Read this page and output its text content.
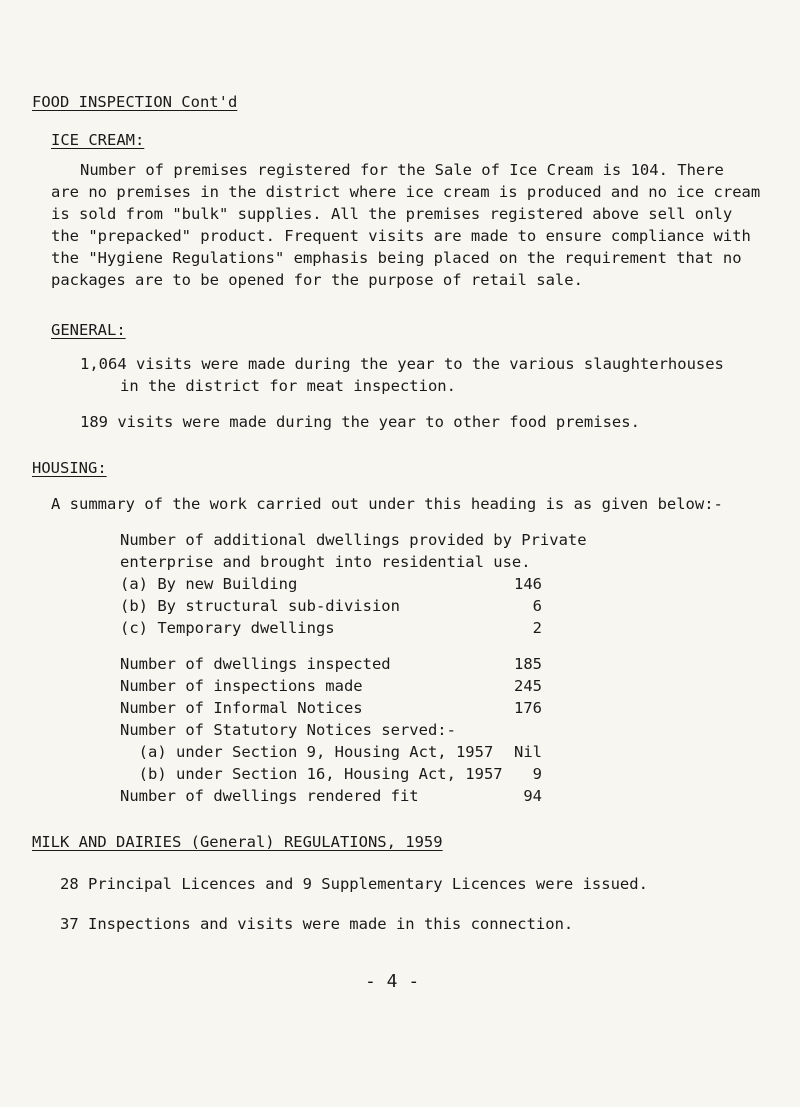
FOOD INSPECTION Cont'd
ICE CREAM:
Number of premises registered for the Sale of Ice Cream is 104. There
are no premises in the district where ice cream is produced and no ice cream
is sold from "bulk" supplies. All the premises registered above sell only
the "prepacked" product. Frequent visits are made to ensure compliance with
the "Hygiene Regulations" emphasis being placed on the requirement that no
packages are to be opened for the purpose of retail sale.
GENERAL:
1,064 visits were made during the year to the various slaughterhouses
in the district for meat inspection.
189 visits were made during the year to other food premises.
HOUSING:
A summary of the work carried out under this heading is as given below:-
Number of additional dwellings provided by Private
enterprise and brought into residential use.
(a) By new Building	146
(b) By structural sub-division	6
(c) Temporary dwellings	2
Number of dwellings inspected	185
Number of inspections made	245
Number of Informal Notices	176
Number of Statutory Notices served:-
(a) under Section 9, Housing Act, 1957	Nil
(b) under Section 16, Housing Act, 1957	9
Number of dwellings rendered fit	94
MILK AND DAIRIES (General) REGULATIONS, 1959
28 Principal Licences and 9 Supplementary Licences were issued.
37 Inspections and visits were made in this connection.
- 4 -
